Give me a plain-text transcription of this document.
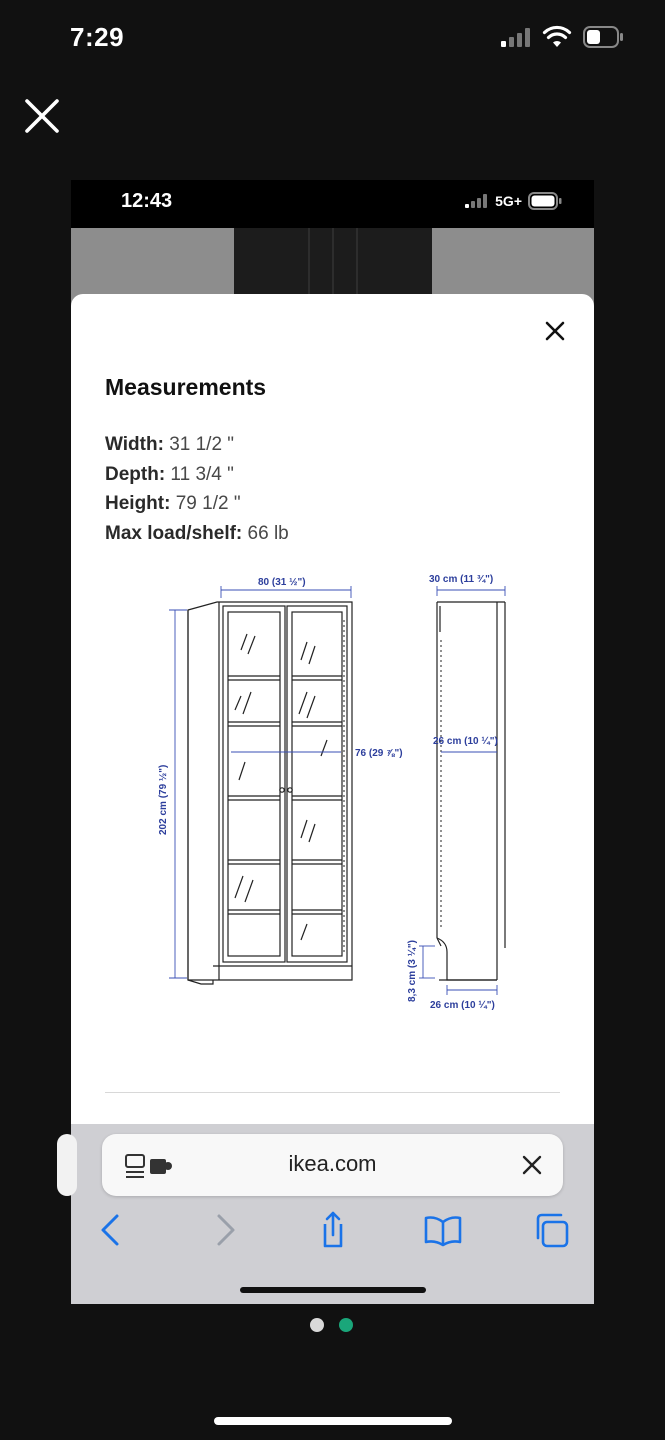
7:29
12:43	5G+
Measurements
Width: 31 1/2 "
Depth: 11 3/4 "
Height: 79 1/2 "
Max load/shelf: 66 lb
80 (31 ½")
202 cm (79 ½")
76 (29 ⅞")
30 cm (11 ¾")
26 cm (10 ¼")
8,3 cm (3 ¼")
26 cm (10 ¼")
ikea.com
